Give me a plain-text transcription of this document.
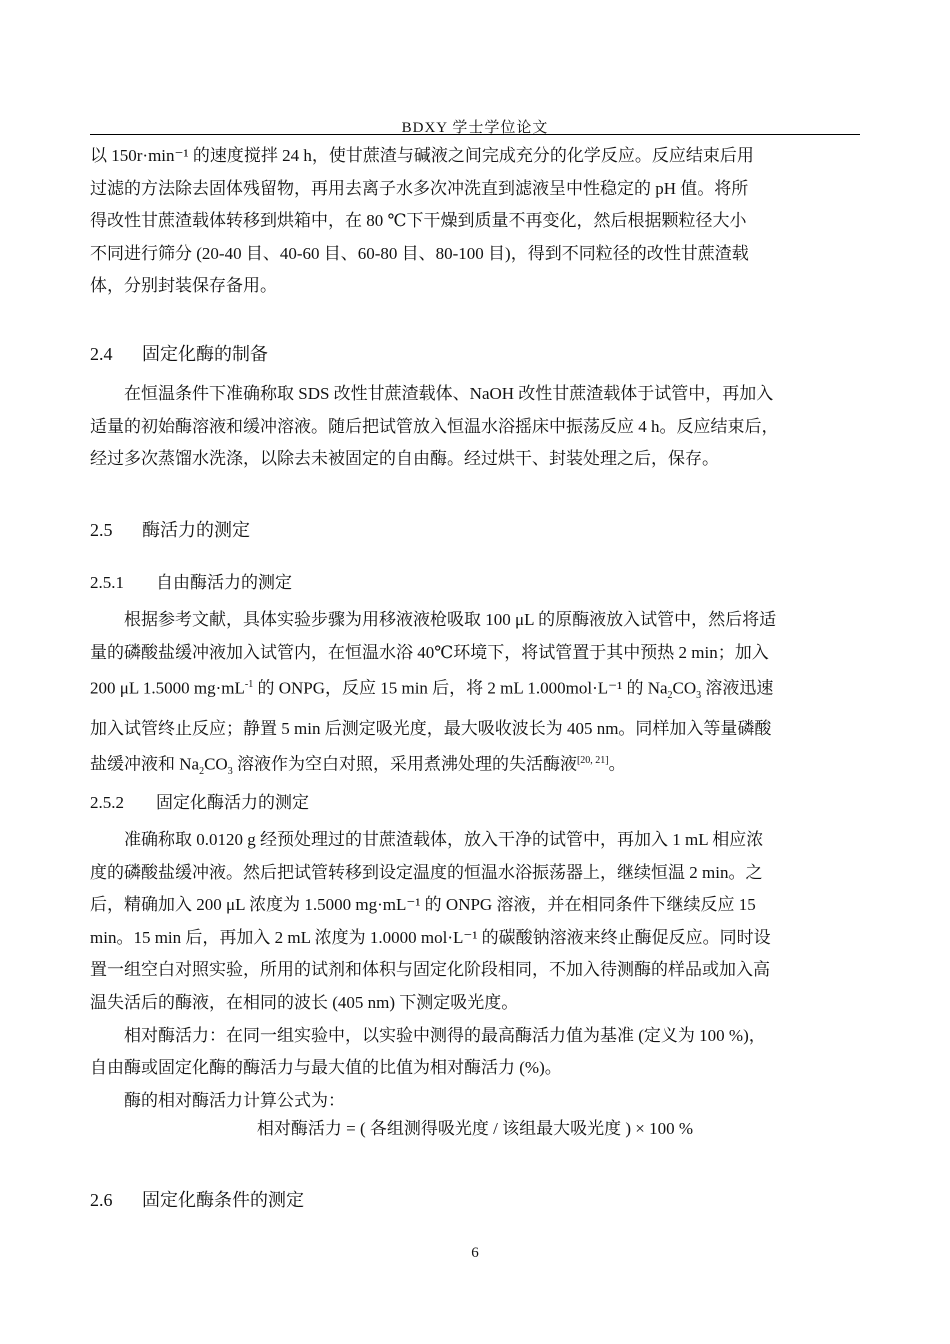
BDXY 学士学位论文
以 150r·min⁻¹ 的速度搅拌 24 h，使甘蔗渣与碱液之间完成充分的化学反应。反应结束后用
过滤的方法除去固体残留物，再用去离子水多次冲洗直到滤液呈中性稳定的 pH 值。将所
得改性甘蔗渣载体转移到烘箱中，在 80 ℃下干燥到质量不再变化，然后根据颗粒径大小
不同进行筛分 (20-40 目、40-60 目、60-80 目、80-100 目)，得到不同粒径的改性甘蔗渣载
体，分别封装保存备用。
2.4 固定化酶的制备
在恒温条件下准确称取 SDS 改性甘蔗渣载体、NaOH 改性甘蔗渣载体于试管中，再加入
适量的初始酶溶液和缓冲溶液。随后把试管放入恒温水浴摇床中振荡反应 4 h。反应结束后，
经过多次蒸馏水洗涤，以除去未被固定的自由酶。经过烘干、封装处理之后，保存。
2.5 酶活力的测定
2.5.1 自由酶活力的测定
根据参考文献，具体实验步骤为用移液液枪吸取 100 μL 的原酶液放入试管中，然后将适
量的磷酸盐缓冲液加入试管内，在恒温水浴 40℃环境下，将试管置于其中预热 2 min；加入
200 μL 1.5000 $mg\cdot mL^{-1}$ 的 ONPG，反应 15 min 后，将 2 mL 1.000mol·L⁻¹ 的 $Na_2CO_3$ 溶液迅速
加入试管终止反应；静置 5 min 后测定吸光度，最大吸收波长为 405 nm。同样加入等量磷酸
盐缓冲液和 $Na_2CO_3$ 溶液作为空白对照，采用煮沸处理的失活酶液[20, 21]。
2.5.2 固定化酶活力的测定
准确称取 0.0120 g 经预处理过的甘蔗渣载体，放入干净的试管中，再加入 1 mL 相应浓
度的磷酸盐缓冲液。然后把试管转移到设定温度的恒温水浴振荡器上，继续恒温 2 min。之
后，精确加入 200 μL 浓度为 1.5000 mg·mL⁻¹ 的 ONPG 溶液，并在相同条件下继续反应 15
min。15 min 后，再加入 2 mL 浓度为 1.0000 mol·L⁻¹ 的碳酸钠溶液来终止酶促反应。同时设
置一组空白对照实验，所用的试剂和体积与固定化阶段相同，不加入待测酶的样品或加入高
温失活后的酶液，在相同的波长 (405 nm) 下测定吸光度。
相对酶活力：在同一组实验中，以实验中测得的最高酶活力值为基准 (定义为 100 %)，
自由酶或固定化酶的酶活力与最大值的比值为相对酶活力 (%)。
酶的相对酶活力计算公式为：
相对酶活力 = ( 各组测得吸光度 / 该组最大吸光度 ) × 100 %
2.6 固定化酶条件的测定
6
